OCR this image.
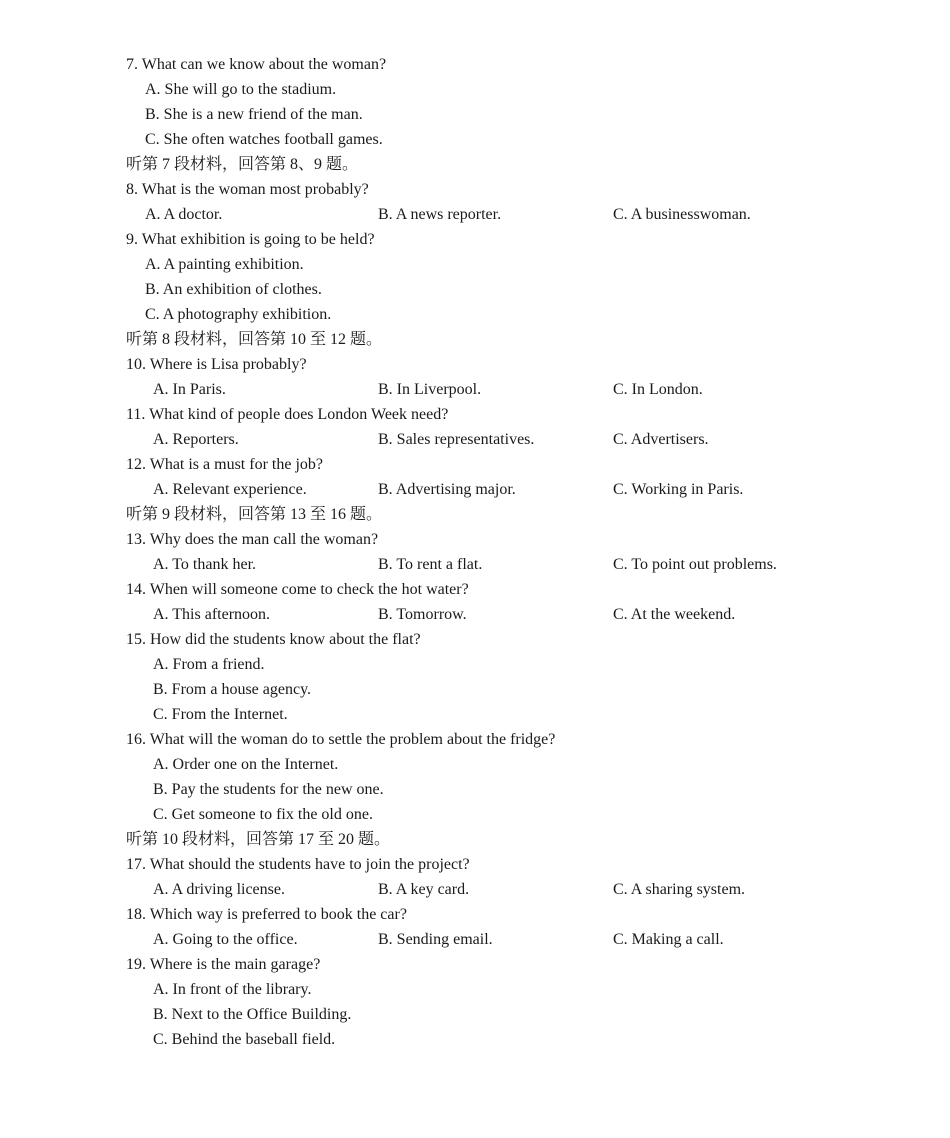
7. What can we know about the woman?
A. She will go to the stadium.
B. She is a new friend of the man.
C. She often watches football games.
听第 7 段材料，回答第 8、9 题。
8. What is the woman most probably?
A. A doctor.	B. A news reporter.	C. A businesswoman.
9. What exhibition is going to be held?
A. A painting exhibition.
B. An exhibition of clothes.
C. A photography exhibition.
听第 8 段材料，回答第 10 至 12 题。
10. Where is Lisa probably?
A. In Paris.	B. In Liverpool.	C. In London.
11. What kind of people does London Week need?
A. Reporters.	B. Sales representatives.	C. Advertisers.
12. What is a must for the job?
A. Relevant experience.	B. Advertising major.	C. Working in Paris.
听第 9 段材料，回答第 13 至 16 题。
13. Why does the man call the woman?
A. To thank her.	B. To rent a flat.	C. To point out problems.
14. When will someone come to check the hot water?
A. This afternoon.	B. Tomorrow.	C. At the weekend.
15. How did the students know about the flat?
A. From a friend.
B. From a house agency.
C. From the Internet.
16. What will the woman do to settle the problem about the fridge?
A. Order one on the Internet.
B. Pay the students for the new one.
C. Get someone to fix the old one.
听第 10 段材料，回答第 17 至 20 题。
17. What should the students have to join the project?
A. A driving license.	B. A key card.	C. A sharing system.
18. Which way is preferred to book the car?
A. Going to the office.	B. Sending email.	C. Making a call.
19. Where is the main garage?
A. In front of the library.
B. Next to the Office Building.
C. Behind the baseball field.
